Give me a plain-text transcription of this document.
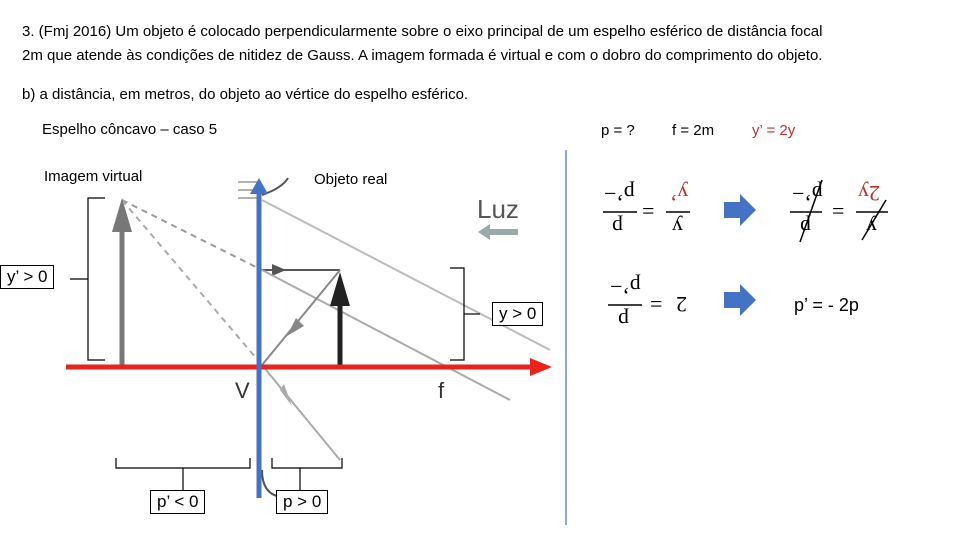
3. (Fmj 2016) Um objeto é colocado perpendicularmente sobre o eixo principal de um espelho esférico de distância focal
2m que atende às condições de nitidez de Gauss. A imagem formada é virtual e com o dobro do comprimento do objeto.
b) a distância, em metros, do objeto ao vértice do espelho esférico.
Espelho côncavo – caso 5
Imagem virtual	Objeto real
Luz
V	f
y’ > 0
y > 0
p’ < 0	p > 0
p = ? f = 2m	y’ = 2y
p’−
p
=
y’
y
p’−
p
=
2y
y
p’−
p
= 2	p’ = - 2p
